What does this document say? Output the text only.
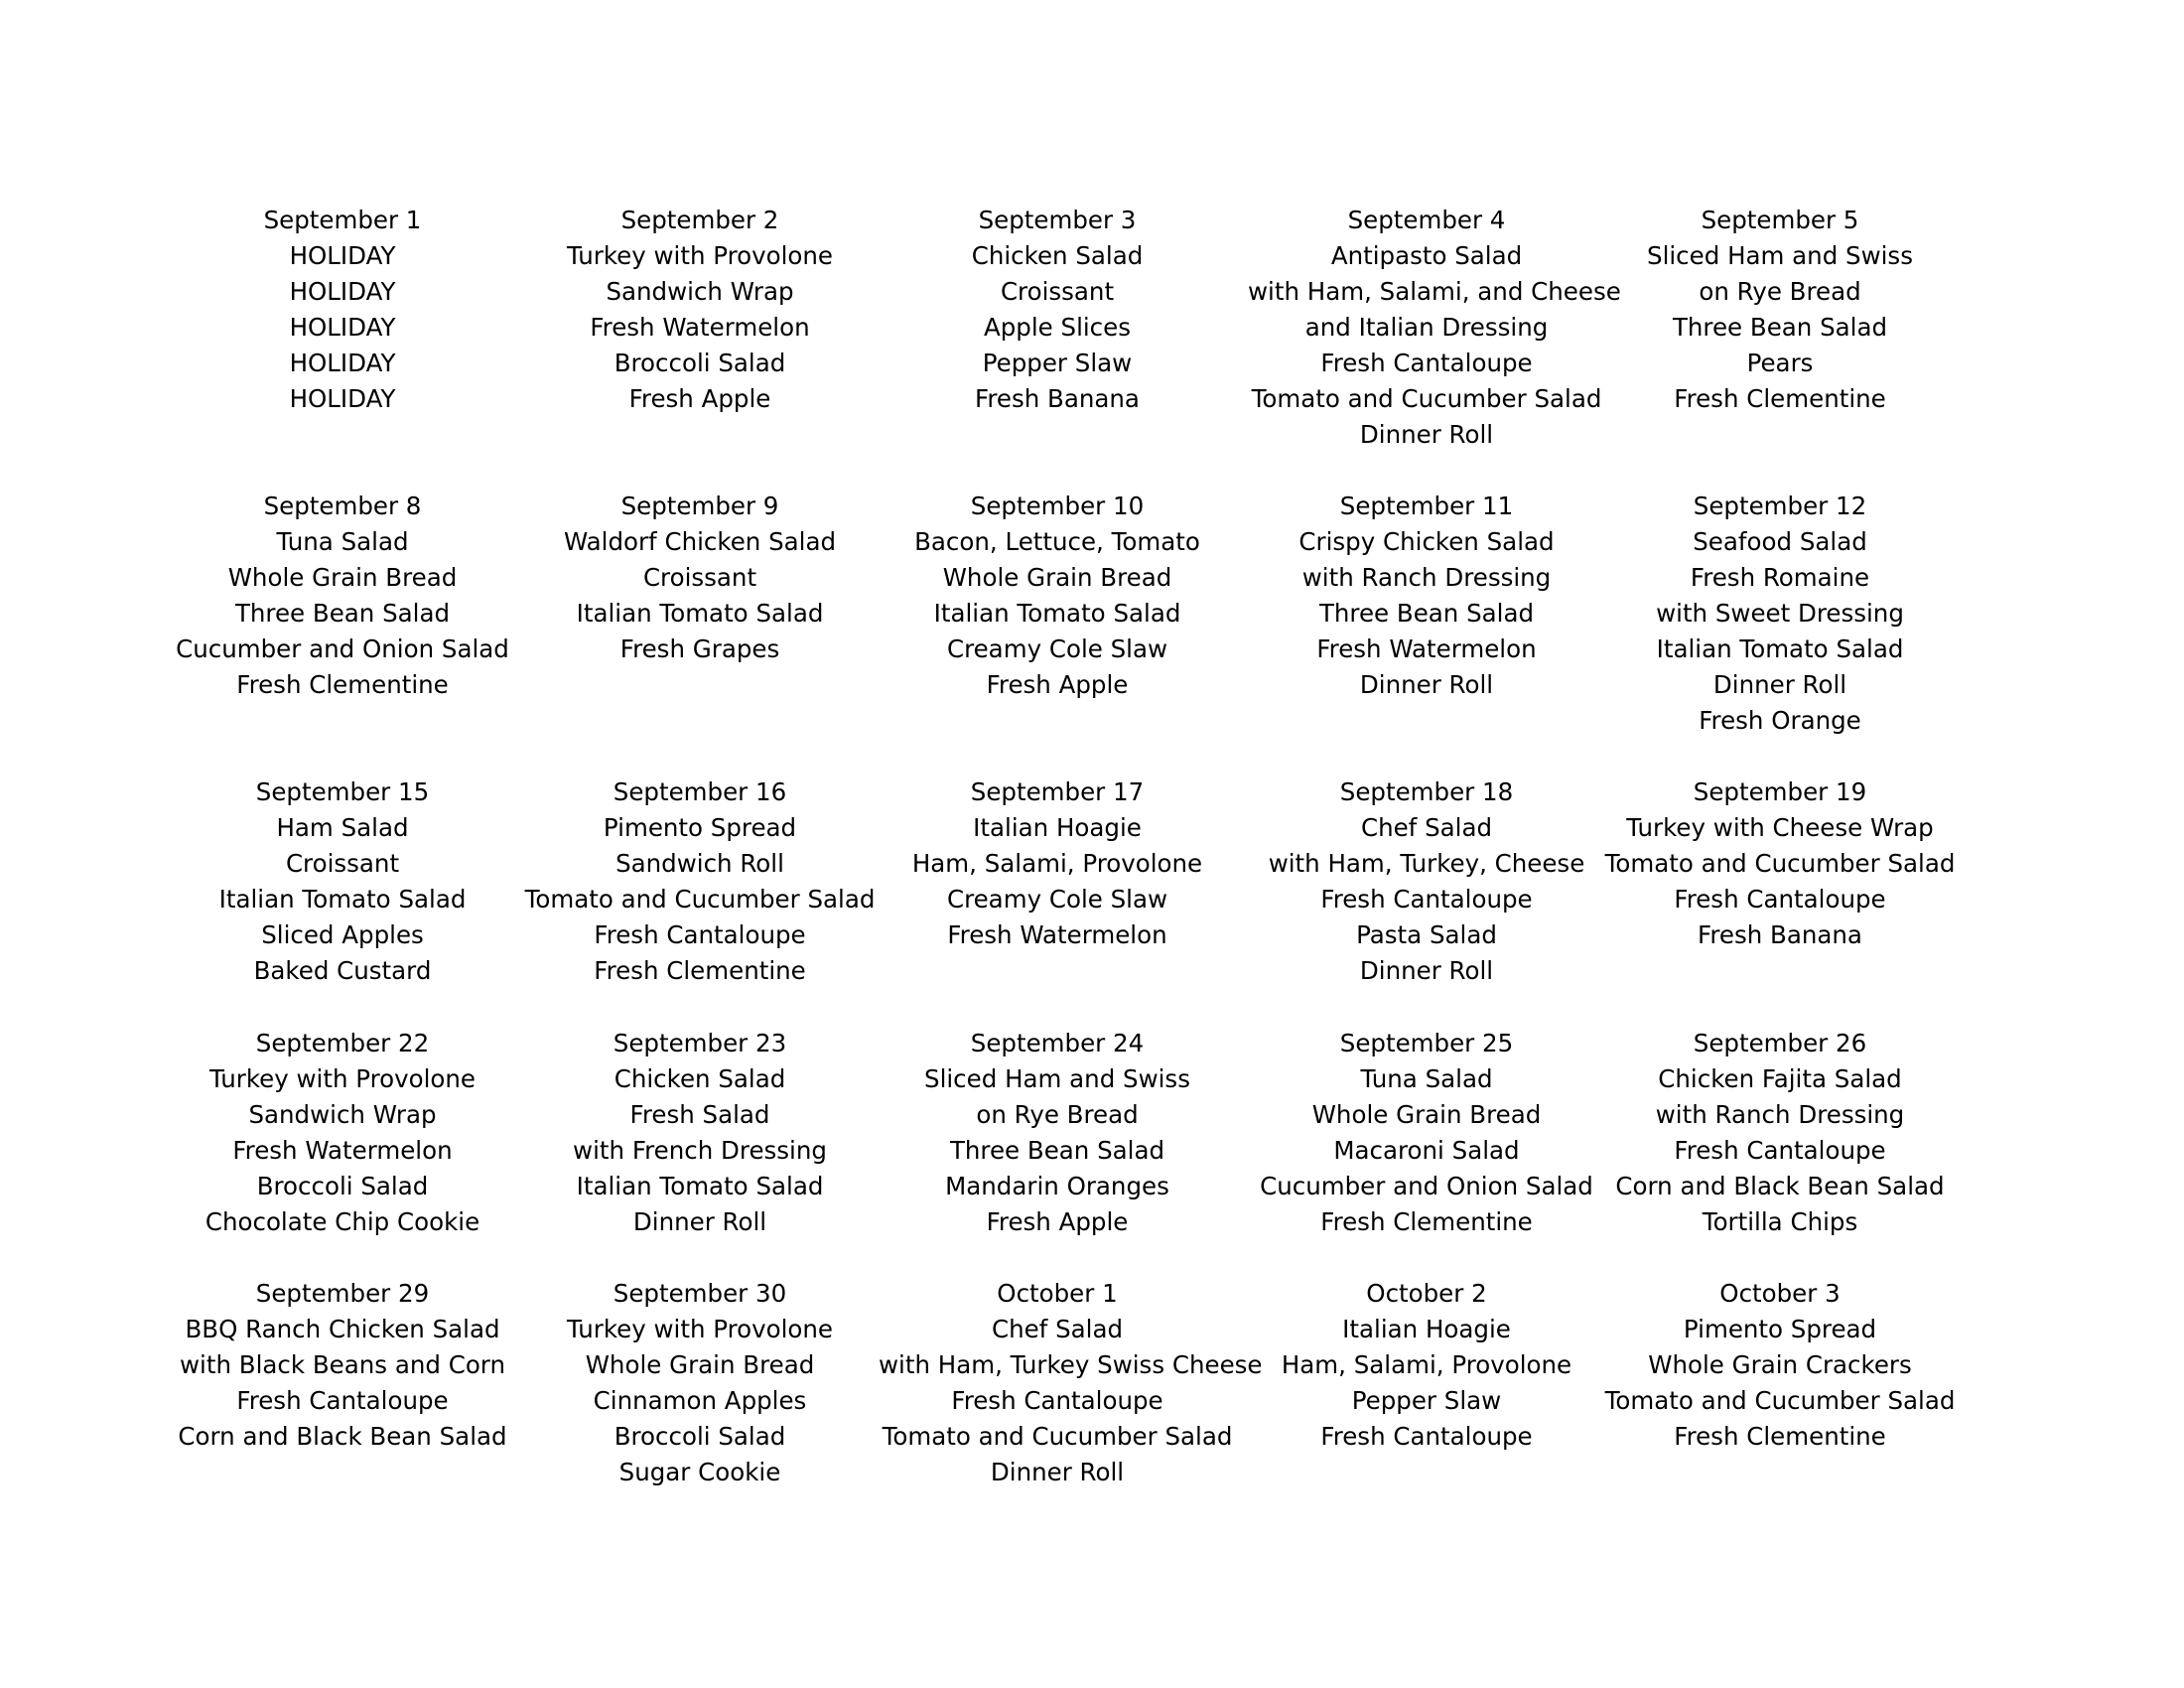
September 1
HOLIDAY
HOLIDAY
HOLIDAY
HOLIDAY
HOLIDAY
September 2
Turkey with Provolone
Sandwich Wrap
Fresh Watermelon
Broccoli Salad
Fresh Apple
September 3
Chicken Salad
Croissant
Apple Slices
Pepper Slaw
Fresh Banana
September 4
Antipasto Salad
with Ham, Salami, and Cheese
and Italian Dressing
Fresh Cantaloupe
Tomato and Cucumber Salad
Dinner Roll
September 5
Sliced Ham and Swiss
on Rye Bread
Three Bean Salad
Pears
Fresh Clementine
September 8
Tuna Salad
Whole Grain Bread
Three Bean Salad
Cucumber and Onion Salad
Fresh Clementine
September 9
Waldorf Chicken Salad
Croissant
Italian Tomato Salad
Fresh Grapes
September 10
Bacon, Lettuce, Tomato
Whole Grain Bread
Italian Tomato Salad
Creamy Cole Slaw
Fresh Apple
September 11
Crispy Chicken Salad
with Ranch Dressing
Three Bean Salad
Fresh Watermelon
Dinner Roll
September 12
Seafood Salad
Fresh Romaine
with Sweet Dressing
Italian Tomato Salad
Dinner Roll
Fresh Orange
September 15
Ham Salad
Croissant
Italian Tomato Salad
Sliced Apples
Baked Custard
September 16
Pimento Spread
Sandwich Roll
Tomato and Cucumber Salad
Fresh Cantaloupe
Fresh Clementine
September 17
Italian Hoagie
Ham, Salami, Provolone
Creamy Cole Slaw
Fresh Watermelon
September 18
Chef Salad
with Ham, Turkey, Cheese
Fresh Cantaloupe
Pasta Salad
Dinner Roll
September 19
Turkey with Cheese Wrap
Tomato and Cucumber Salad
Fresh Cantaloupe
Fresh Banana
September 22
Turkey with Provolone
Sandwich Wrap
Fresh Watermelon
Broccoli Salad
Chocolate Chip Cookie
September 23
Chicken Salad
Fresh Salad
with French Dressing
Italian Tomato Salad
Dinner Roll
September 24
Sliced Ham and Swiss
on Rye Bread
Three Bean Salad
Mandarin Oranges
Fresh Apple
September 25
Tuna Salad
Whole Grain Bread
Macaroni Salad
Cucumber and Onion Salad
Fresh Clementine
September 26
Chicken Fajita Salad
with Ranch Dressing
Fresh Cantaloupe
Corn and Black Bean Salad
Tortilla Chips
September 29
BBQ Ranch Chicken Salad
with Black Beans and Corn
Fresh Cantaloupe
Corn and Black Bean Salad
September 30
Turkey with Provolone
Whole Grain Bread
Cinnamon Apples
Broccoli Salad
Sugar Cookie
October 1
Chef Salad
with Ham, Turkey Swiss Cheese
Fresh Cantaloupe
Tomato and Cucumber Salad
Dinner Roll
October 2
Italian Hoagie
Ham, Salami, Provolone
Pepper Slaw
Fresh Cantaloupe
October 3
Pimento Spread
Whole Grain Crackers
Tomato and Cucumber Salad
Fresh Clementine
